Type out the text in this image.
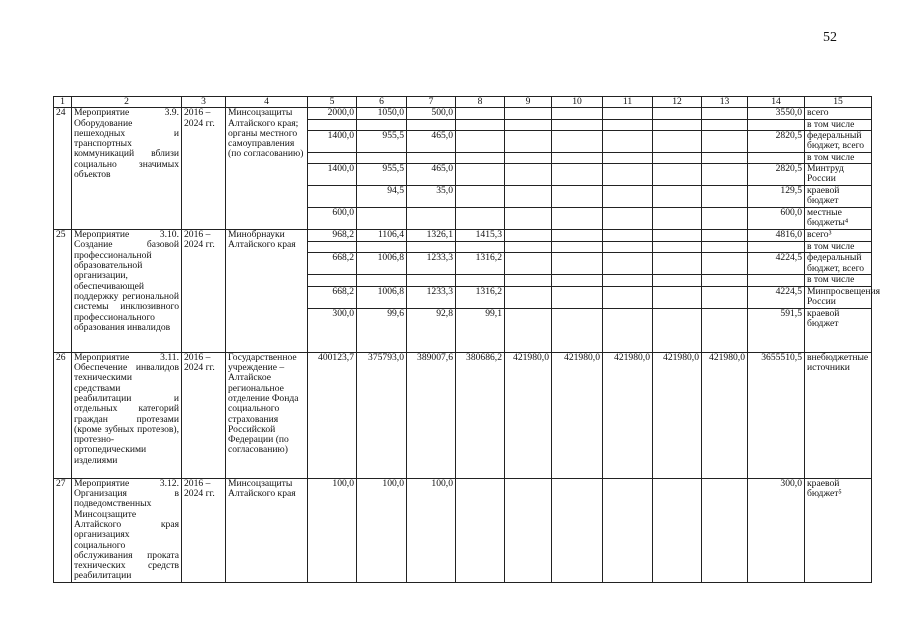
52
1	2	3	4	5	6	7	8	9	10	11	12	13	14	15
24	Мероприятие 3.9. Оборудование пешеходных и транспортных коммуникаций вблизи социально значимых объектов	2016 – 2024 гг.	Минсоцзащиты Алтайского края; органы местного самоуправления (по согласованию)	2000,0	1050,0	500,0							3550,0	всего
														в том числе
				1400,0	955,5	465,0							2820,5	федеральный бюджет, всего
														в том числе
				1400,0	955,5	465,0							2820,5	Минтруд России
					94,5	35,0							129,5	краевой бюджет
				600,0									600,0	местные бюджеты⁴
25	Мероприятие 3.10. Создание базовой профессиональной образовательной организации, обеспечивающей поддержку региональной системы инклюзивного профессионального образования инвалидов	2016 – 2024 гг.	Минобрнауки Алтайского края	968,2	1106,4	1326,1	1415,3						4816,0	всего³
														в том числе
				668,2	1006,8	1233,3	1316,2						4224,5	федеральный бюджет, всего
														в том числе
				668,2	1006,8	1233,3	1316,2						4224,5	Минпросвещения России
				300,0	99,6	92,8	99,1						591,5	краевой бюджет
26	Мероприятие 3.11. Обеспечение инвалидов техническими средствами реабилитации и отдельных категорий граждан протезами (кроме зубных протезов), протезно-ортопедическими изделиями	2016 – 2024 гг.	Государственное учреждение – Алтайское региональное отделение Фонда социального страхования Российской Федерации (по согласованию)	400123,7	375793,0	389007,6	380686,2	421980,0	421980,0	421980,0	421980,0	421980,0	3655510,5	внебюджетные источники
27	Мероприятие 3.12. Организация в подведомственных Минсоцзащите Алтайского края организациях социального обслуживания проката технических средств реабилитации	2016 – 2024 гг.	Минсоцзащиты Алтайского края	100,0	100,0	100,0							300,0	краевой бюджет⁵
